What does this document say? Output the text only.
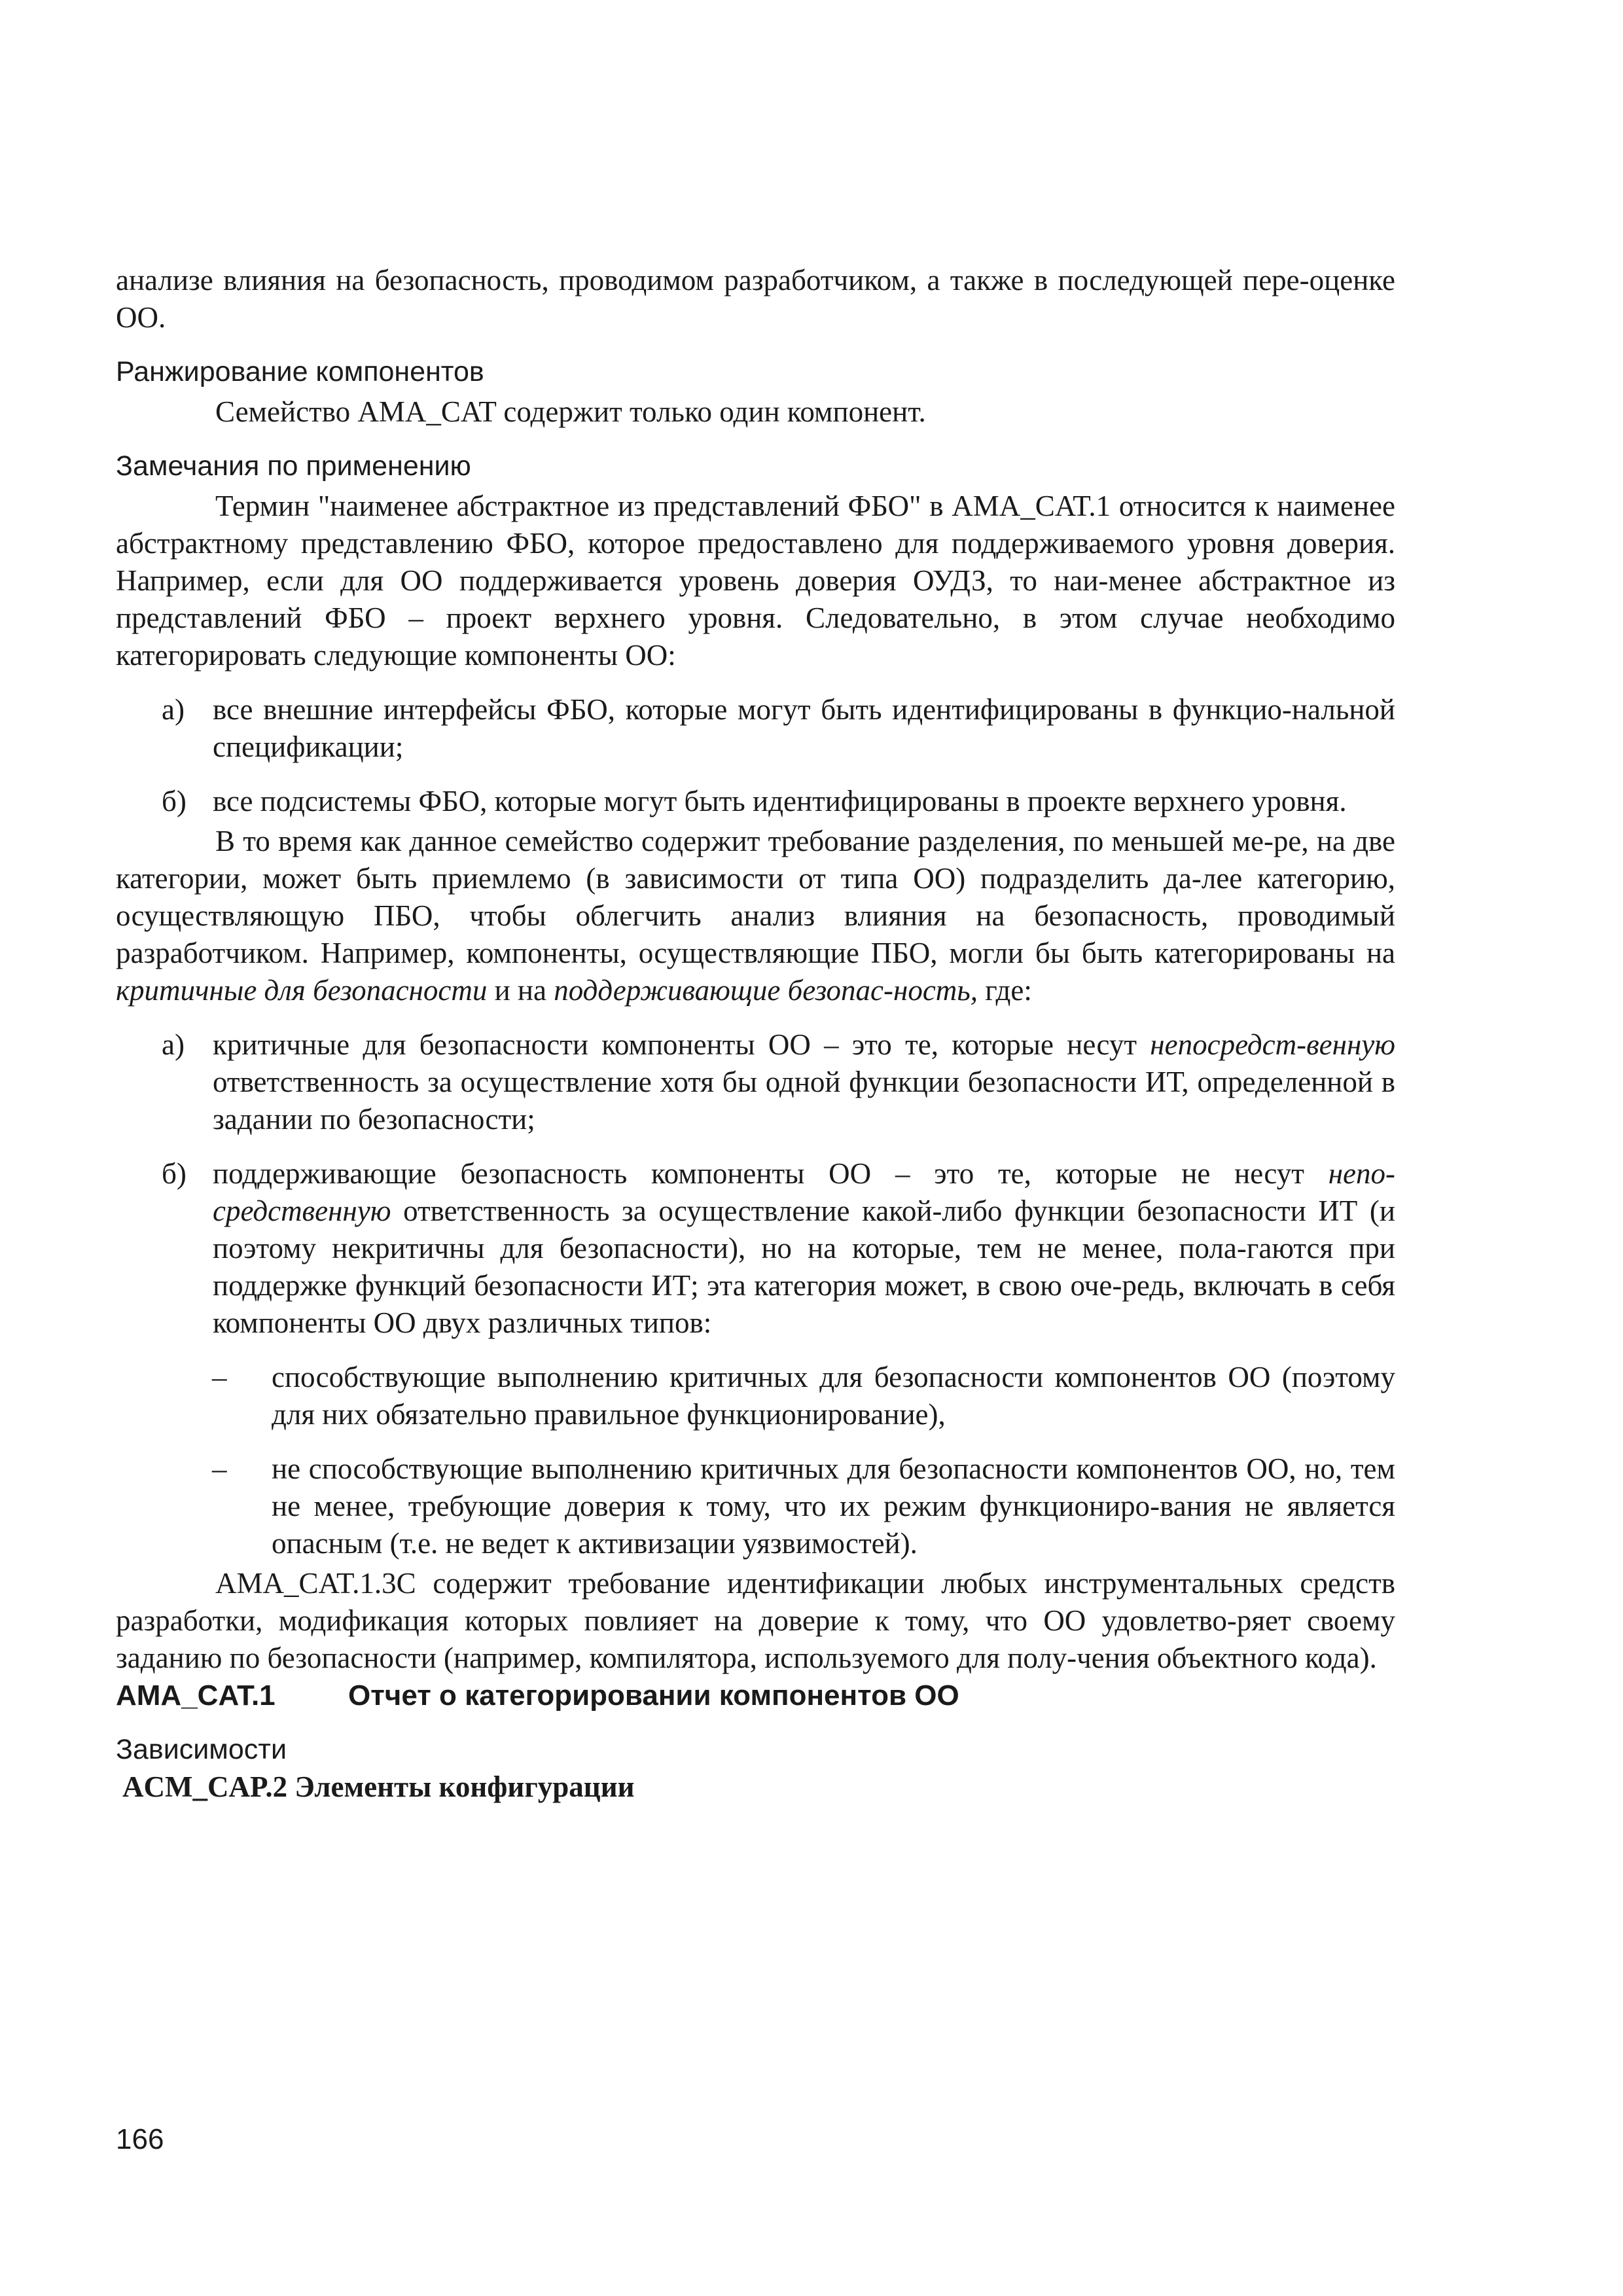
анализе влияния на безопасность, проводимом разработчиком, а также в последующей пере-оценке ОО.

Ранжирование компонентов

Семейство AMA_CAT содержит только один компонент.

Замечания по применению

Термин "наименее абстрактное из представлений ФБО" в AMA_CAT.1 относится к наименее абстрактному представлению ФБО, которое предоставлено для поддерживаемого уровня доверия. Например, если для ОО поддерживается уровень доверия ОУДЗ, то наи-менее абстрактное из представлений ФБО – проект верхнего уровня. Следовательно, в этом случае необходимо категорировать следующие компоненты ОО:

а) все внешние интерфейсы ФБО, которые могут быть идентифицированы в функцио-нальной спецификации;
б) все подсистемы ФБО, которые могут быть идентифицированы в проекте верхнего уровня.

В то время как данное семейство содержит требование разделения, по меньшей ме-ре, на две категории, может быть приемлемо (в зависимости от типа ОО) подразделить да-лее категорию, осуществляющую ПБО, чтобы облегчить анализ влияния на безопасность, проводимый разработчиком. Например, компоненты, осуществляющие ПБО, могли бы быть категорированы на критичные для безопасности и на поддерживающие безопас-ность, где:

а) критичные для безопасности компоненты ОО – это те, которые несут непосредст-венную ответственность за осуществление хотя бы одной функции безопасности ИТ, определенной в задании по безопасности;
б) поддерживающие безопасность компоненты ОО – это те, которые не несут непо-средственную ответственность за осуществление какой-либо функции безопасности ИТ (и поэтому некритичны для безопасности), но на которые, тем не менее, пола-гаются при поддержке функций безопасности ИТ; эта категория может, в свою оче-редь, включать в себя компоненты ОО двух различных типов:
– способствующие выполнению критичных для безопасности компонентов ОО (поэтому для них обязательно правильное функционирование),
– не способствующие выполнению критичных для безопасности компонентов ОО, но, тем не менее, требующие доверия к тому, что их режим функциониро-вания не является опасным (т.е. не ведет к активизации уязвимостей).

AMA_CAT.1.3C содержит требование идентификации любых инструментальных средств разработки, модификация которых повлияет на доверие к тому, что ОО удовлетво-ряет своему заданию по безопасности (например, компилятора, используемого для полу-чения объектного кода).

AMA_CAT.1	Отчет о категорировании компонентов ОО

Зависимости

ACM_CAP.2 Элементы конфигурации

166
